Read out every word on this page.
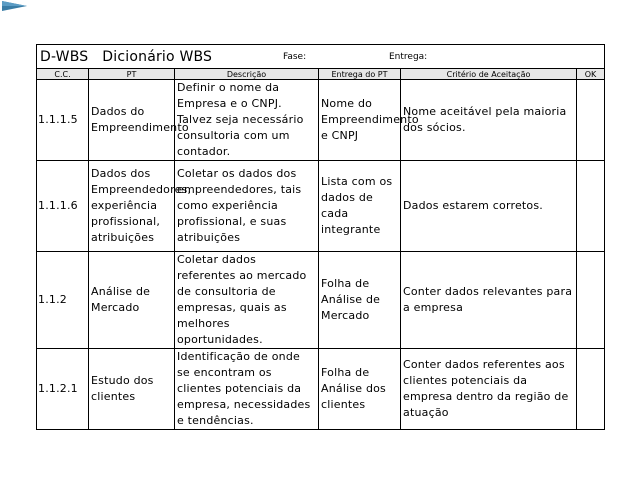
D-WBS   Dicionário WBS Fase: Entrega:					

C.C.	PT	Descrição	Entrega do PT	Critério de Aceitação	OK
1.1.1.5	Dados do Empreendimento	Definir o nome da Empresa e o CNPJ. Talvez seja necessário consultoria com um contador.	Nome do Empreendimento e CNPJ	Nome aceitável pela maioria dos sócios.	
1.1.1.6	Dados dos Empreendedores, experiência profissional, atribuições	Coletar os dados dos empreendedores, tais como experiência profissional, e suas atribuições	Lista com os dados de cada integrante	Dados estarem corretos.	
1.1.2	Análise de Mercado	Coletar dados referentes ao mercado de consultoria de empresas, quais as melhores oportunidades.	Folha de Análise de Mercado	Conter dados relevantes para a empresa	
1.1.2.1	Estudo dos clientes	Identificação de onde se encontram os clientes potenciais da empresa, necessidades e tendências.	Folha de Análise dos clientes	Conter dados referentes aos clientes potenciais da empresa dentro da região de atuação	
